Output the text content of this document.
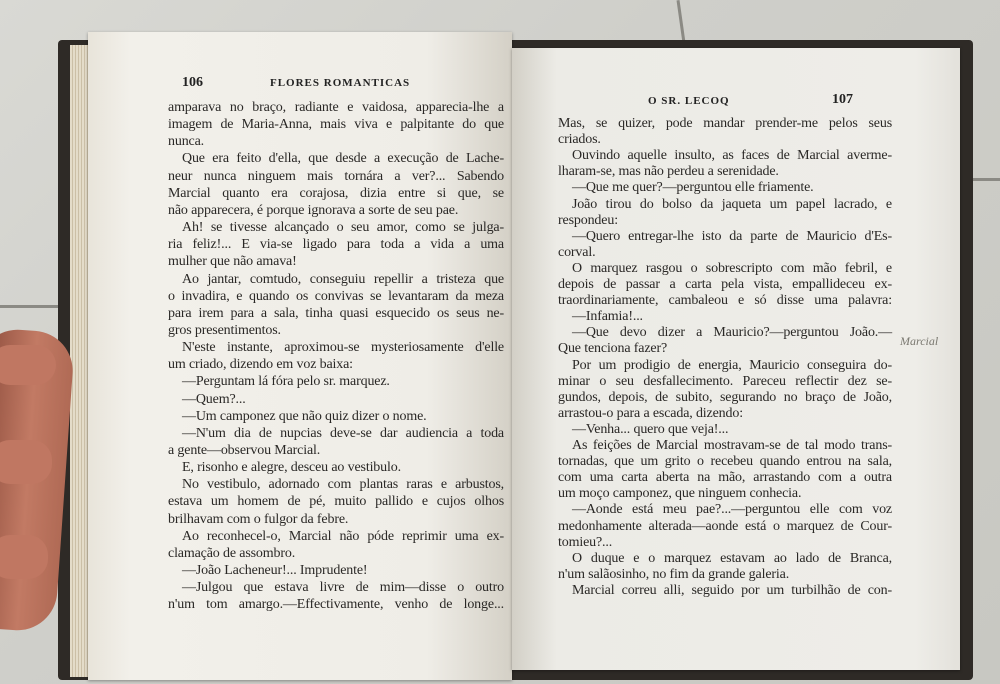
106	FLORES ROMANTICAS
O SR. LECOQ	107
amparava no braço, radiante e vaidosa, apparecia-lhe a
imagem de Maria-Anna, mais viva e palpitante do que
nunca.
Que era feito d'ella, que desde a execução de Lache-
neur nunca ninguem mais tornára a ver?... Sabendo
Marcial quanto era corajosa, dizia entre si que, se
não apparecera, é porque ignorava a sorte de seu pae.
Ah! se tivesse alcançado o seu amor, como se julga-
ria feliz!... E via-se ligado para toda a vida a uma
mulher que não amava!
Ao jantar, comtudo, conseguiu repellir a tristeza que
o invadira, e quando os convivas se levantaram da meza
para irem para a sala, tinha quasi esquecido os seus ne-
gros presentimentos.
N'este instante, aproximou-se mysteriosamente d'elle
um criado, dizendo em voz baixa:
—Perguntam lá fóra pelo sr. marquez.
—Quem?...
—Um camponez que não quiz dizer o nome.
—N'um dia de nupcias deve-se dar audiencia a toda
a gente—observou Marcial.
E, risonho e alegre, desceu ao vestibulo.
No vestibulo, adornado com plantas raras e arbustos,
estava um homem de pé, muito pallido e cujos olhos
brilhavam com o fulgor da febre.
Ao reconhecel-o, Marcial não póde reprimir uma ex-
clamação de assombro.
—João Lacheneur!... Imprudente!
—Julgou que estava livre de mim—disse o outro
n'um tom amargo.—Effectivamente, venho de longe...
Mas, se quizer, pode mandar prender-me pelos seus
criados.
Ouvindo aquelle insulto, as faces de Marcial averme-
lharam-se, mas não perdeu a serenidade.
—Que me quer?—perguntou elle friamente.
João tirou do bolso da jaqueta um papel lacrado, e
respondeu:
—Quero entregar-lhe isto da parte de Mauricio d'Es-
corval.
O marquez rasgou o sobrescripto com mão febril, e
depois de passar a carta pela vista, empallideceu ex-
traordinariamente, cambaleou e só disse uma palavra:
—Infamia!...
—Que devo dizer a Mauricio?—perguntou João.—
Que tenciona fazer?
Por um prodigio de energia, Mauricio conseguira do-
minar o seu desfallecimento. Pareceu reflectir dez se-
gundos, depois, de subito, segurando no braço de João,
arrastou-o para a escada, dizendo:
—Venha... quero que veja!...
As feições de Marcial mostravam-se de tal modo trans-
tornadas, que um grito o recebeu quando entrou na sala,
com uma carta aberta na mão, arrastando com a outra
um moço camponez, que ninguem conhecia.
—Aonde está meu pae?...—perguntou elle com voz
medonhamente alterada—aonde está o marquez de Cour-
tomieu?...
O duque e o marquez estavam ao lado de Branca,
n'um salãosinho, no fim da grande galeria.
Marcial correu alli, seguido por um turbilhão de con-
Marcial
